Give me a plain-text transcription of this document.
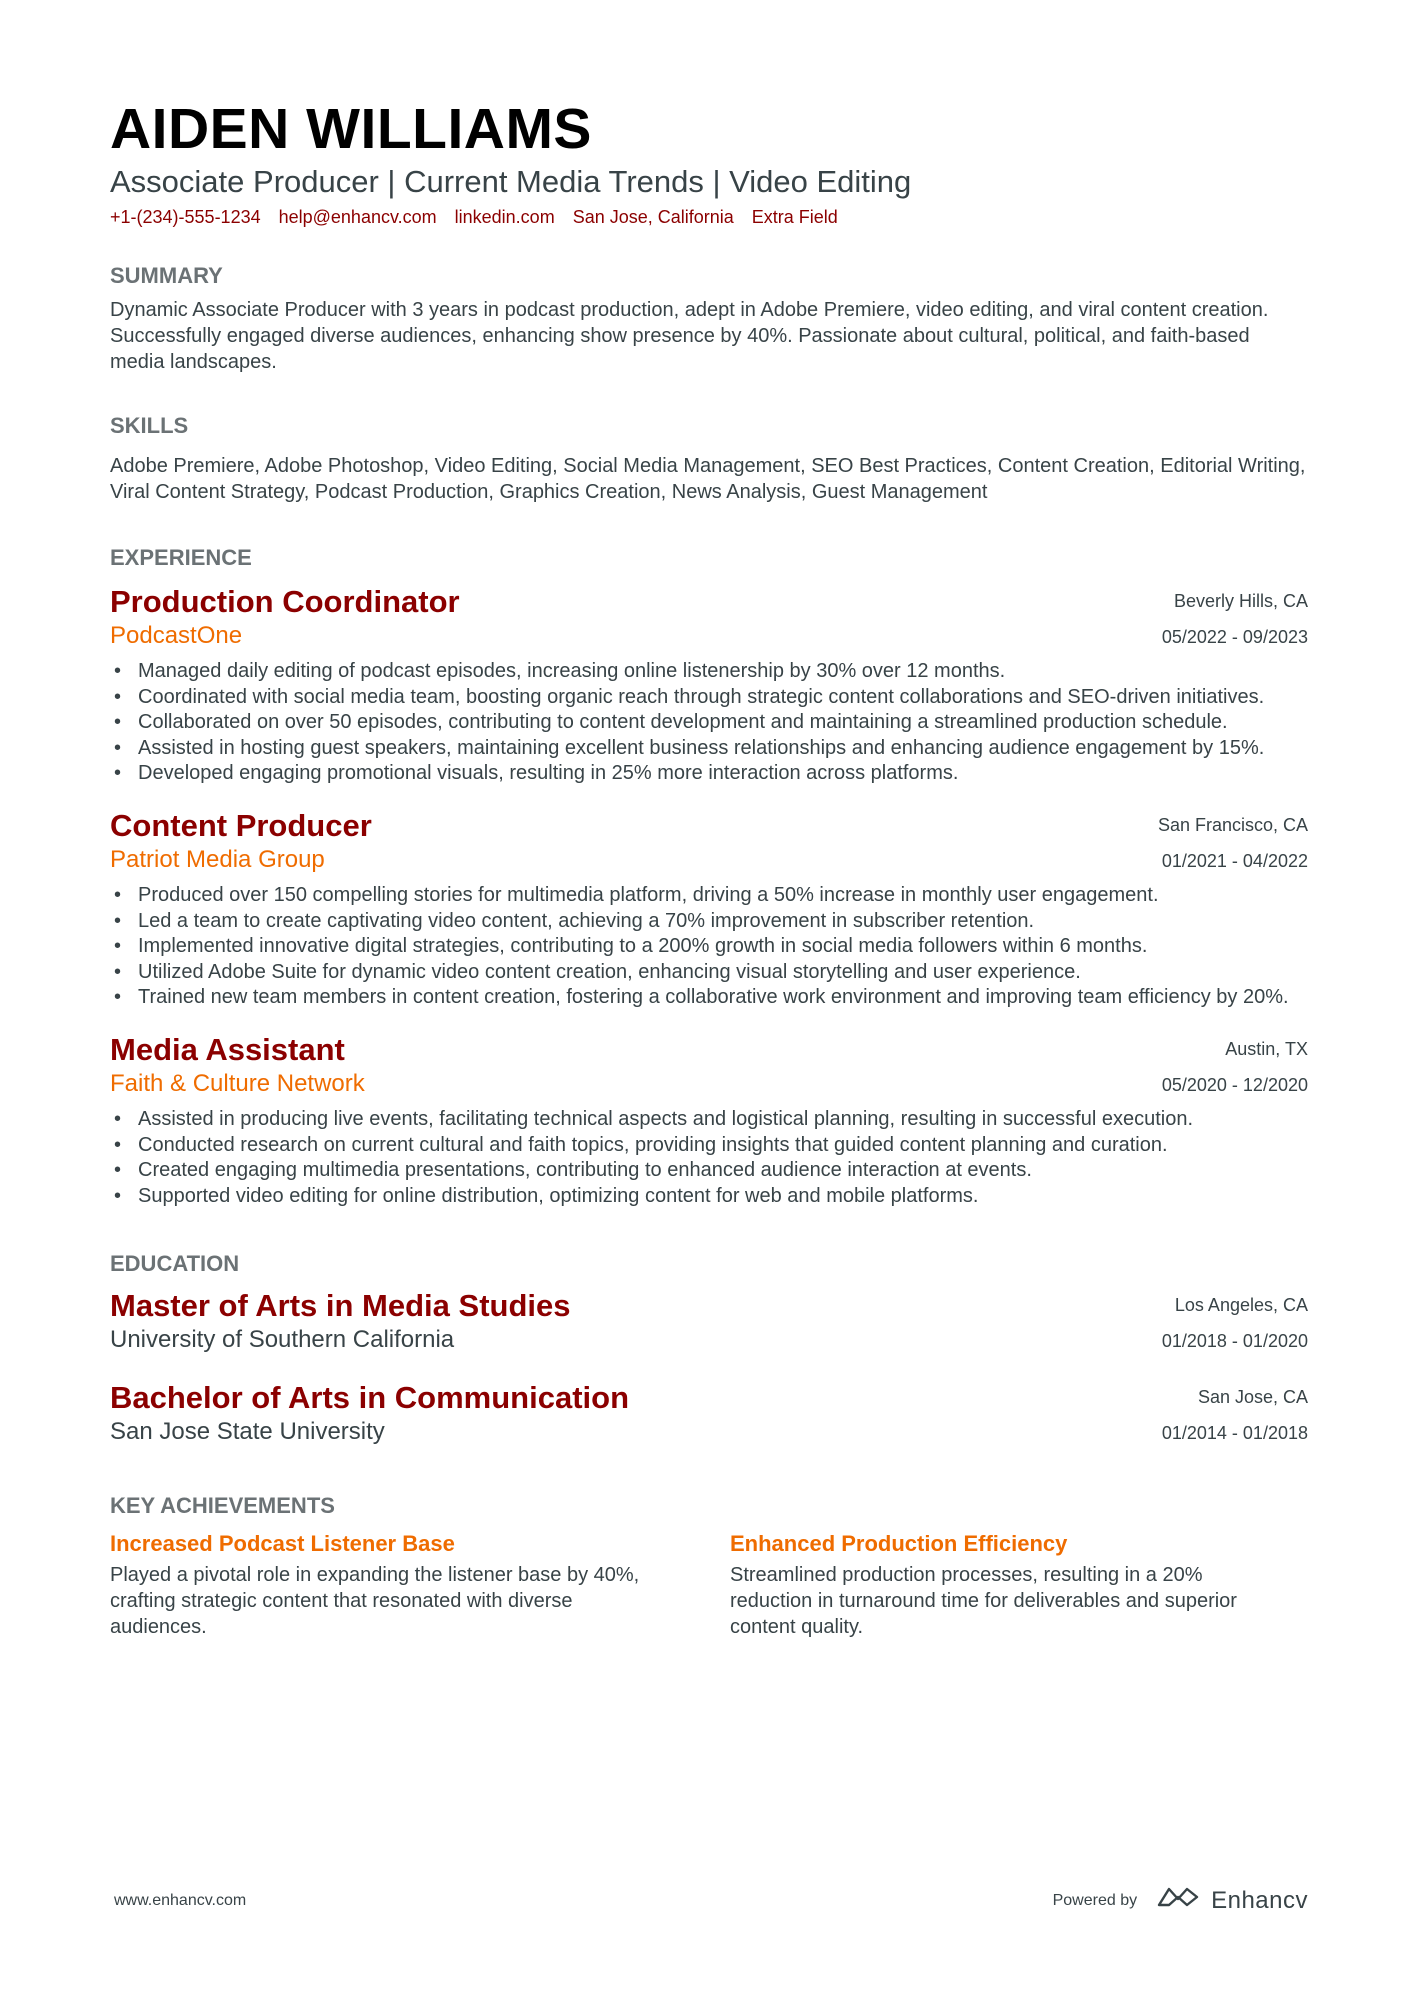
AIDEN WILLIAMS

Associate Producer | Current Media Trends | Video Editing

+1-(234)-555-1234 help@enhancv.com linkedin.com San Jose, California Extra Field
SUMMARY

Dynamic Associate Producer with 3 years in podcast production, adept in Adobe Premiere, video editing, and viral content creation. Successfully engaged diverse audiences, enhancing show presence by 40%. Passionate about cultural, political, and faith-based media landscapes.

SKILLS

Adobe Premiere, Adobe Photoshop, Video Editing, Social Media Management, SEO Best Practices, Content Creation, Editorial Writing, Viral Content Strategy, Podcast Production, Graphics Creation, News Analysis, Guest Management

EXPERIENCE
Production Coordinator

PodcastOne

Beverly Hills, CA
05/2022 - 09/2023
• Managed daily editing of podcast episodes, increasing online listenership by 30% over 12 months.
• Coordinated with social media team, boosting organic reach through strategic content collaborations and SEO-driven initiatives.
• Collaborated on over 50 episodes, contributing to content development and maintaining a streamlined production schedule.
• Assisted in hosting guest speakers, maintaining excellent business relationships and enhancing audience engagement by 15%.
• Developed engaging promotional visuals, resulting in 25% more interaction across platforms.
Content Producer

Patriot Media Group

San Francisco, CA
01/2021 - 04/2022
• Produced over 150 compelling stories for multimedia platform, driving a 50% increase in monthly user engagement.
• Led a team to create captivating video content, achieving a 70% improvement in subscriber retention.
• Implemented innovative digital strategies, contributing to a 200% growth in social media followers within 6 months.
• Utilized Adobe Suite for dynamic video content creation, enhancing visual storytelling and user experience.
• Trained new team members in content creation, fostering a collaborative work environment and improving team efficiency by 20%.
Media Assistant

Faith & Culture Network

Austin, TX
05/2020 - 12/2020
• Assisted in producing live events, facilitating technical aspects and logistical planning, resulting in successful execution.
• Conducted research on current cultural and faith topics, providing insights that guided content planning and curation.
• Created engaging multimedia presentations, contributing to enhanced audience interaction at events.
• Supported video editing for online distribution, optimizing content for web and mobile platforms.
EDUCATION
Master of Arts in Media Studies

University of Southern California

Los Angeles, CA
01/2018 - 01/2020
Bachelor of Arts in Communication

San Jose State University

San Jose, CA
01/2014 - 01/2018
KEY ACHIEVEMENTS
Increased Podcast Listener Base

Played a pivotal role in expanding the listener base by 40%, crafting strategic content that resonated with diverse audiences.

Enhanced Production Efficiency

Streamlined production processes, resulting in a 20% reduction in turnaround time for deliverables and superior content quality.

www.enhancv.com	Powered by	Enhancv
